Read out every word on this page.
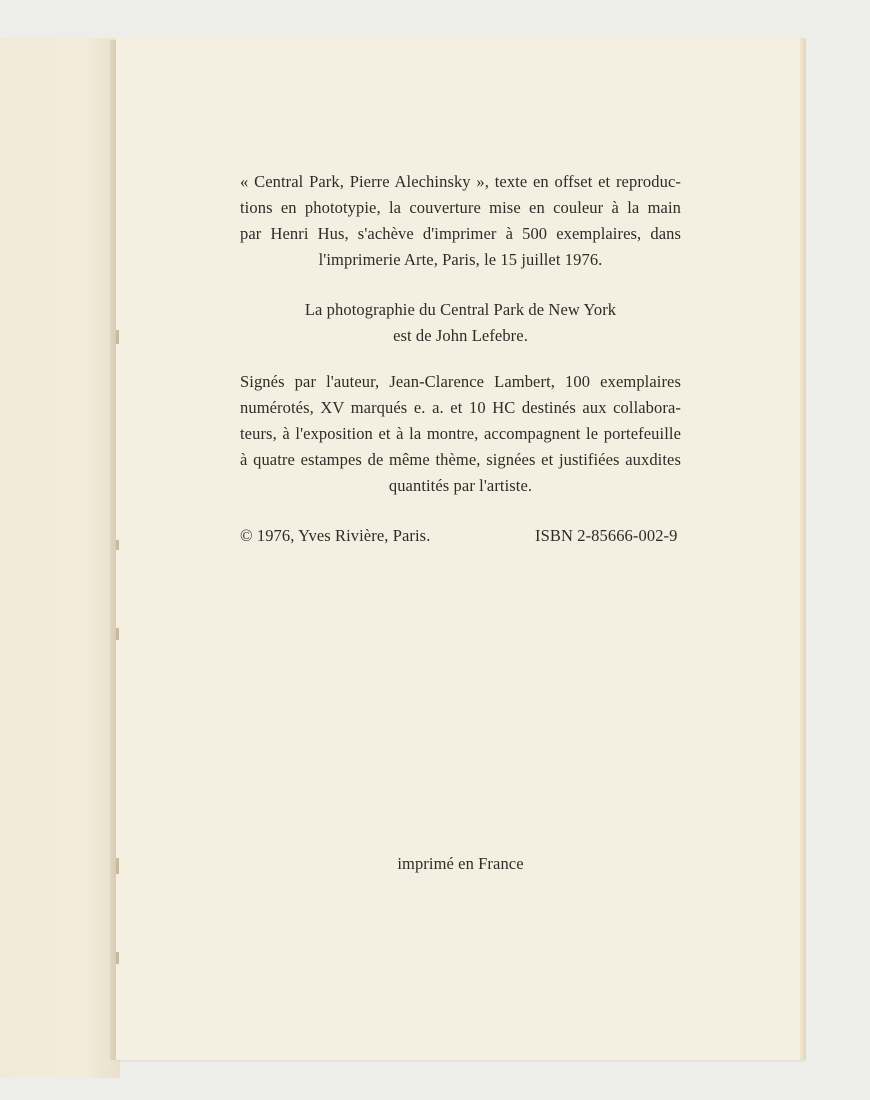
« Central Park, Pierre Alechinsky », texte en offset et reproduc-
tions en phototypie, la couverture mise en couleur à la main
par Henri Hus, s'achève d'imprimer à 500 exemplaires, dans
l'imprimerie Arte, Paris, le 15 juillet 1976.
La photographie du Central Park de New York
est de John Lefebre.
Signés par l'auteur, Jean-Clarence Lambert, 100 exemplaires
numérotés, XV marqués e. a. et 10 HC destinés aux collabora-
teurs, à l'exposition et à la montre, accompagnent le portefeuille
à quatre estampes de même thème, signées et justifiées auxdites
quantités par l'artiste.
© 1976, Yves Rivière, Paris.	ISBN 2-85666-002-9
imprimé en France
